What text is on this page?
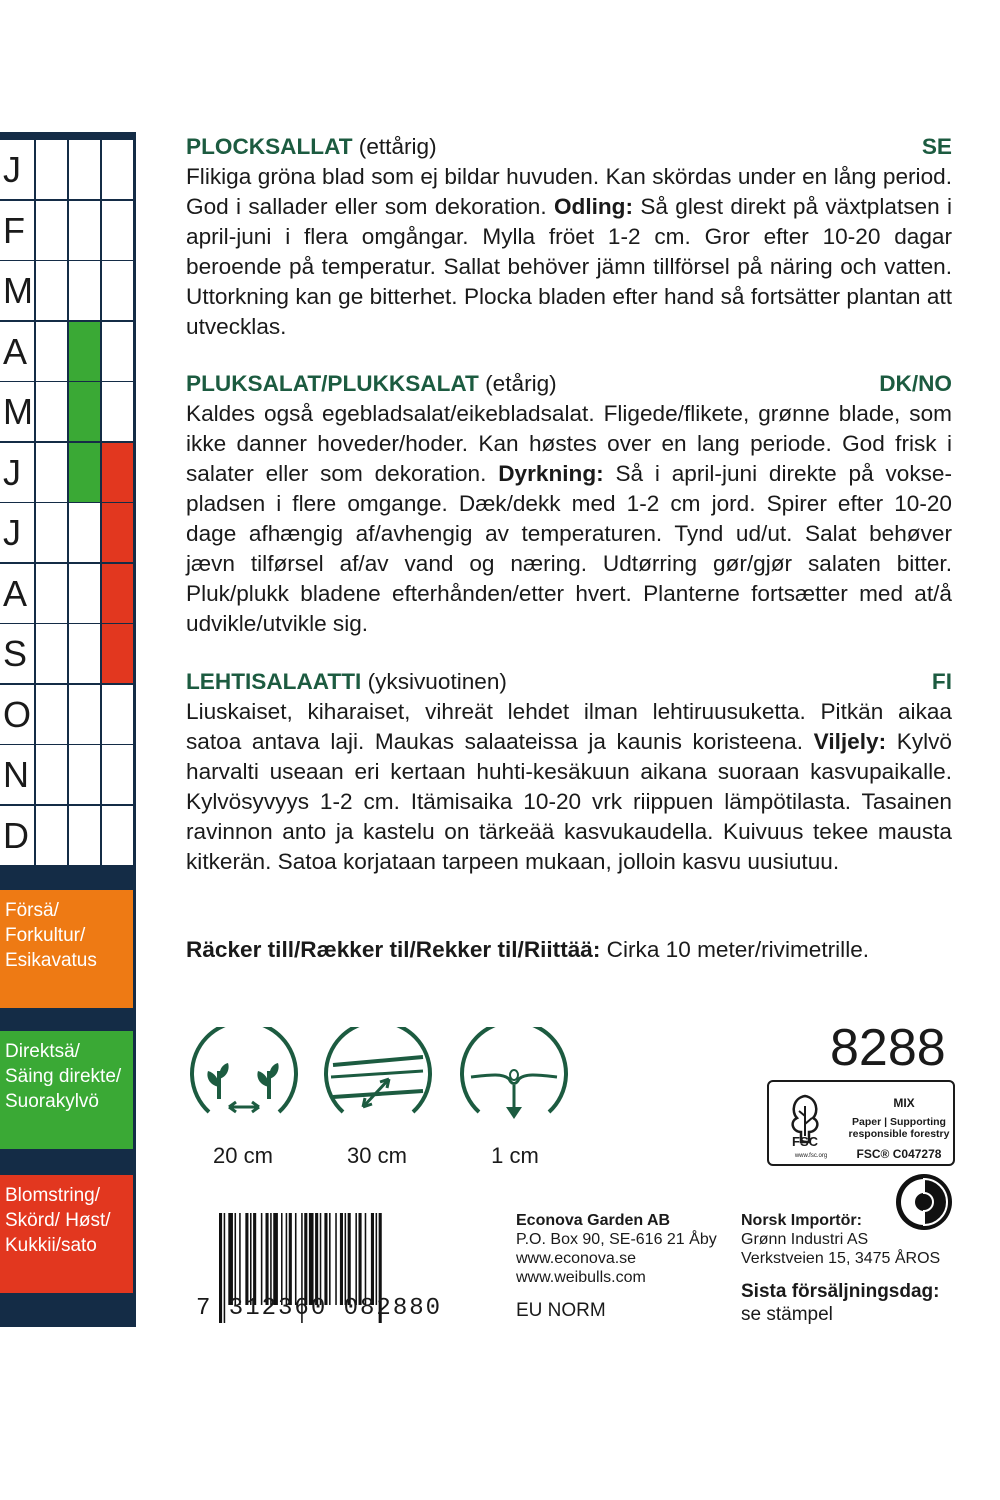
J
F
M
A
M
J
J
A
S
O
N
D
Försä/ Forkultur/ Esikavatus
Direktsä/ Säing direkte/ Suorakylvö
Blomstring/ Skörd/ Høst/ Kukkii/sato
PLOCKSALLAT (ettårig)	SE
Flikiga gröna blad som ej bildar huvuden. Kan skördas under en lång period. God i sallader eller som dekoration. Odling: Så glest direkt på växtplatsen i april-juni i flera omgångar. Mylla fröet 1-2 cm. Gror efter 10-20 dagar beroende på temperatur. Sallat behöver jämn tillförsel på näring och vatten. Uttorkning kan ge bitterhet. Plocka bladen efter hand så fortsätter plantan att utvecklas.
PLUKSALAT/PLUKKSALAT (etårig)	DK/NO
Kaldes også egebladsalat/eikebladsalat. Fligede/flikete, grønne blade, som ikke danner hoveder/hoder. Kan høstes over en lang periode. God frisk i salater eller som dekoration. Dyrkning: Så i april-juni direkte på voksepladsen i flere omgange. Dæk/dekk med 1-2 cm jord. Spirer efter 10-20 dage afhængig af/avhengig av temperaturen. Tynd ud/ut. Salat behøver jævn tilførsel af/av vand og næring. Udtørring gør/gjør salaten bitter. Pluk/plukk bladene efterhånden/etter hvert. Planterne fortsætter med at/å udvikle/utvikle sig.
LEHTISALAATTI (yksivuotinen)	FI
Liuskaiset, kiharaiset, vihreät lehdet ilman lehtiruusuketta. Pitkän aikaa satoa antava laji. Maukas salaateissa ja kaunis koristeena. Viljely: Kylvö harvalti useaan eri kertaan huhti-kesäkuun aikana suoraan kasvupaikalle. Kylvösyvyys 1-2 cm. Itämisaika 10-20 vrk riippuen lämpötilasta. Tasainen ravinnon anto ja kastelu on tärkeää kasvukaudella. Kuivuus tekee mausta kitkerän. Satoa korjataan tarpeen mukaan, jolloin kasvu uusiutuu.
Räcker till/Rækker til/Rekker til/Riittää: Cirka 10 meter/rivimetrille.
20 cm	30 cm	1 cm
8288
FSC
www.fsc.org
MIX
Paper | Supporting responsible forestry
FSC® C047278
7 312360 082880
Econova Garden AB
P.O. Box 90, SE-616 21 Åby
www.econova.se
www.weibulls.com
EU NORM
Norsk Importör:
Grønn Industri AS
Verkstveien 15, 3475 ÅROS
Sista försäljningsdag:
se stämpel
